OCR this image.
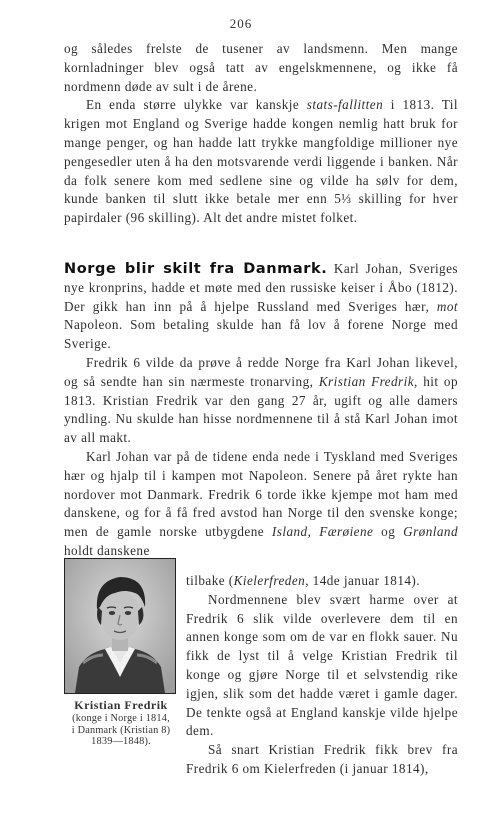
206

og således frelste de tusener av landsmenn. Men mange kornladninger blev også tatt av engelskmennene, og ikke få nordmenn døde av sult i de årene.

En enda større ulykke var kanskje stats-fallitten i 1813. Til krigen mot England og Sverige hadde kongen nemlig hatt bruk for mange penger, og han hadde latt trykke mangfoldige millioner nye pengesedler uten å ha den motsvarende verdi liggende i banken. Når da folk senere kom med sedlene sine og vilde ha sølv for dem, kunde banken til slutt ikke betale mer enn 5⅓ skilling for hver papirdaler (96 skilling). Alt det andre mistet folket.

Norge blir skilt fra Danmark. Karl Johan, Sveriges nye kronprins, hadde et møte med den russiske keiser i Åbo (1812). Der gikk han inn på å hjelpe Russland med Sveriges hær, mot Napoleon. Som betaling skulde han få lov å forene Norge med Sverige.

Fredrik 6 vilde da prøve å redde Norge fra Karl Johan likevel, og så sendte han sin nærmeste tronarving, Kristian Fredrik, hit op 1813. Kristian Fredrik var den gang 27 år, ugift og alle damers yndling. Nu skulde han hisse nordmennene til å stå Karl Johan imot av all makt.

Karl Johan var på de tidene enda nede i Tyskland med Sveriges hær og hjalp til i kampen mot Napoleon. Senere på året rykte han nordover mot Danmark. Fredrik 6 torde ikke kjempe mot ham med danskene, og for å få fred avstod han Norge til den svenske konge; men de gamle norske utbygdene Island, Færøiene og Grønland holdt danskene

Kristian Fredrik
(konge i Norge i 1814,
i Danmark (Kristian 8)
1839—1848).

tilbake (Kielerfreden, 14de januar 1814).

Nordmennene blev svært harme over at Fredrik 6 slik vilde overlevere dem til en annen konge som om de var en flokk sauer. Nu fikk de lyst til å velge Kristian Fredrik til konge og gjøre Norge til et selvstendig rike igjen, slik som det hadde været i gamle dager. De tenkte også at England kanskje vilde hjelpe dem.

Så snart Kristian Fredrik fikk brev fra Fredrik 6 om Kielerfreden (i januar 1814),
